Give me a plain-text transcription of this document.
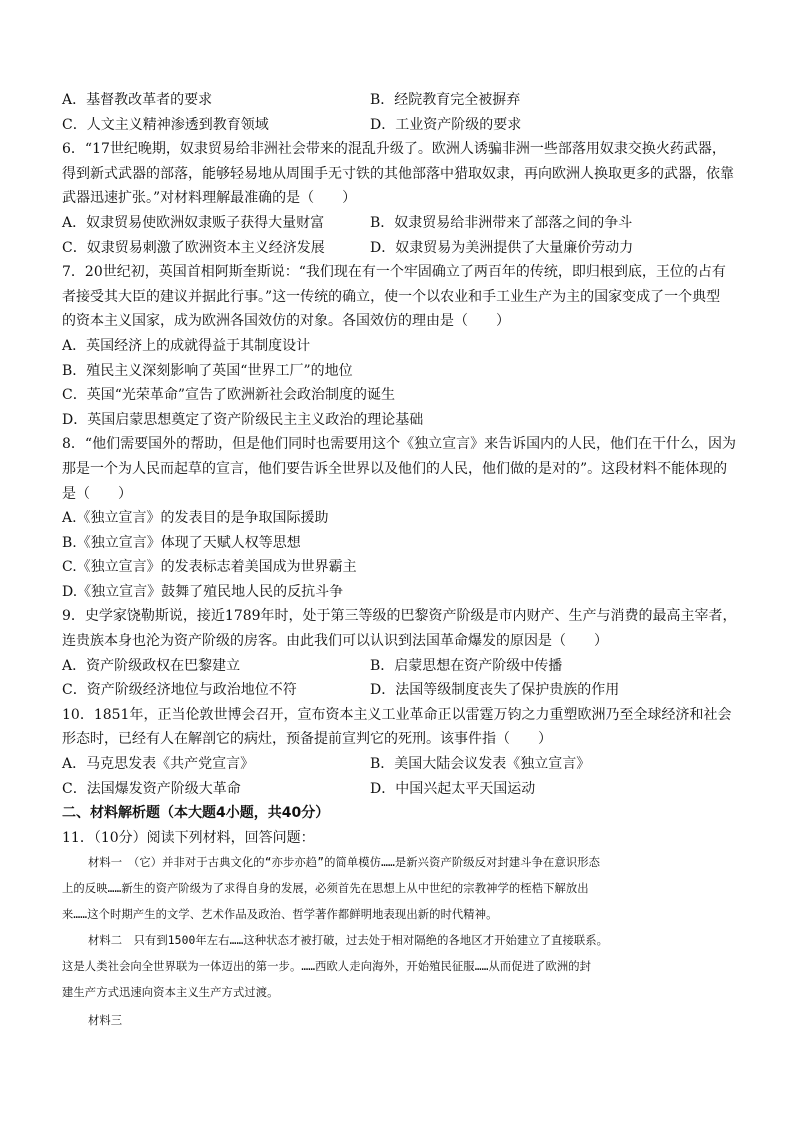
A．基督教改革者的要求	B．经院教育完全被摒弃
C．人文主义精神渗透到教育领域	D．工业资产阶级的要求
6．“17世纪晚期，奴隶贸易给非洲社会带来的混乱升级了。欧洲人诱骗非洲一些部落用奴隶交换火药武器，
得到新式武器的部落，能够轻易地从周围手无寸铁的其他部落中猎取奴隶，再向欧洲人换取更多的武器，依靠
武器迅速扩张。”对材料理解最准确的是（　　）
A．奴隶贸易使欧洲奴隶贩子获得大量财富	B．奴隶贸易给非洲带来了部落之间的争斗
C．奴隶贸易刺激了欧洲资本主义经济发展	D．奴隶贸易为美洲提供了大量廉价劳动力
7．20世纪初，英国首相阿斯奎斯说：“我们现在有一个牢固确立了两百年的传统，即归根到底，王位的占有
者接受其大臣的建议并据此行事。”这一传统的确立，使一个以农业和手工业生产为主的国家变成了一个典型
的资本主义国家，成为欧洲各国效仿的对象。各国效仿的理由是（　　）
A．英国经济上的成就得益于其制度设计
B．殖民主义深刻影响了英国“世界工厂”的地位
C．英国“光荣革命”宣告了欧洲新社会政治制度的诞生
D．英国启蒙思想奠定了资产阶级民主主义政治的理论基础
8．“他们需要国外的帮助，但是他们同时也需要用这个《独立宣言》来告诉国内的人民，他们在干什么，因为
那是一个为人民而起草的宣言，他们要告诉全世界以及他们的人民，他们做的是对的”。这段材料不能体现的
是（　　）
A.《独立宣言》的发表目的是争取国际援助
B.《独立宣言》体现了天赋人权等思想
C.《独立宣言》的发表标志着美国成为世界霸主
D.《独立宣言》鼓舞了殖民地人民的反抗斗争
9．史学家饶勒斯说，接近1789年时，处于第三等级的巴黎资产阶级是市内财产、生产与消费的最高主宰者，
连贵族本身也沦为资产阶级的房客。由此我们可以认识到法国革命爆发的原因是（　　）
A．资产阶级政权在巴黎建立	B．启蒙思想在资产阶级中传播
C．资产阶级经济地位与政治地位不符	D．法国等级制度丧失了保护贵族的作用
10．1851年，正当伦敦世博会召开，宣布资本主义工业革命正以雷霆万钧之力重塑欧洲乃至全球经济和社会
形态时，已经有人在解剖它的病灶，预备提前宣判它的死刑。该事件指（　　）
A．马克思发表《共产党宣言》	B．美国大陆会议发表《独立宣言》
C．法国爆发资产阶级大革命	D．中国兴起太平天国运动
二、材料解析题（本大题4小题，共40分）
11．（10分）阅读下列材料，回答问题：
材料一　（它）并非对于古典文化的“亦步亦趋”的简单模仿……是新兴资产阶级反对封建斗争在意识形态
上的反映……新生的资产阶级为了求得自身的发展，必须首先在思想上从中世纪的宗教神学的桎梏下解放出
来……这个时期产生的文学、艺术作品及政治、哲学著作都鲜明地表现出新的时代精神。
材料二　只有到1500年左右……这种状态才被打破，过去处于相对隔绝的各地区才开始建立了直接联系。
这是人类社会向全世界联为一体迈出的第一步。……西欧人走向海外，开始殖民征服……从而促进了欧洲的封
建生产方式迅速向资本主义生产方式过渡。
材料三
